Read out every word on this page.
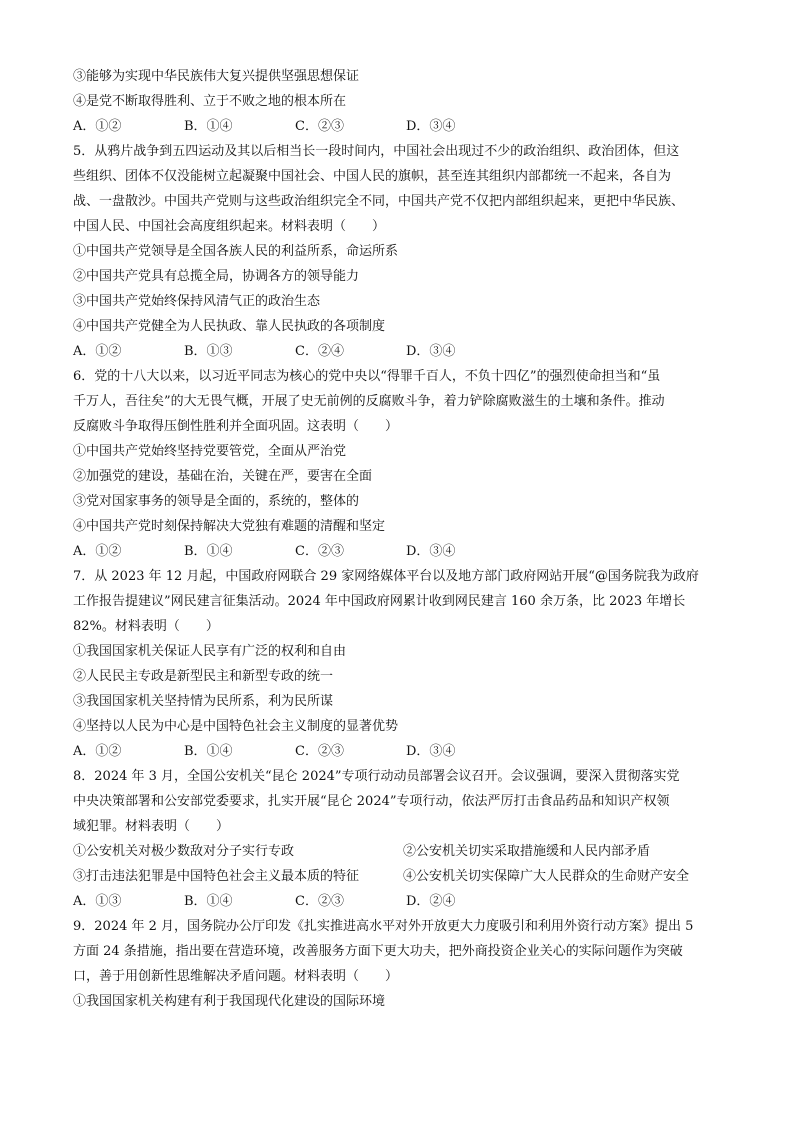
③能够为实现中华民族伟大复兴提供坚强思想保证
④是党不断取得胜利、立于不败之地的根本所在
A．①②	B．①④	C．②③	D．③④
5．从鸦片战争到五四运动及其以后相当长一段时间内，中国社会出现过不少的政治组织、政治团体，但这
些组织、团体不仅没能树立起凝聚中国社会、中国人民的旗帜，甚至连其组织内部都统一不起来，各自为
战、一盘散沙。中国共产党则与这些政治组织完全不同，中国共产党不仅把内部组织起来，更把中华民族、
中国人民、中国社会高度组织起来。材料表明（　　）
①中国共产党领导是全国各族人民的利益所系，命运所系
②中国共产党具有总揽全局，协调各方的领导能力
③中国共产党始终保持风清气正的政治生态
④中国共产党健全为人民执政、靠人民执政的各项制度
A．①②	B．①③	C．②④	D．③④
6．党的十八大以来，以习近平同志为核心的党中央以“得罪千百人，不负十四亿”的强烈使命担当和“虽
千万人，吾往矣”的大无畏气概，开展了史无前例的反腐败斗争，着力铲除腐败滋生的土壤和条件。推动
反腐败斗争取得压倒性胜利并全面巩固。这表明（　　）
①中国共产党始终坚持党要管党，全面从严治党
②加强党的建设，基础在治，关键在严，要害在全面
③党对国家事务的领导是全面的，系统的，整体的
④中国共产党时刻保持解决大党独有难题的清醒和坚定
A．①②	B．①④	C．②③	D．③④
7．从 2023 年 12 月起，中国政府网联合 29 家网络媒体平台以及地方部门政府网站开展“@国务院我为政府
工作报告提建议”网民建言征集活动。2024 年中国政府网累计收到网民建言 160 余万条，比 2023 年增长
82%。材料表明（　　）
①我国国家机关保证人民享有广泛的权利和自由
②人民民主专政是新型民主和新型专政的统一
③我国国家机关坚持情为民所系，利为民所谋
④坚持以人民为中心是中国特色社会主义制度的显著优势
A．①②	B．①④	C．②③	D．③④
8．2024 年 3 月，全国公安机关“昆仑 2024”专项行动动员部署会议召开。会议强调，要深入贯彻落实党
中央决策部署和公安部党委要求，扎实开展“昆仑 2024”专项行动，依法严厉打击食品药品和知识产权领
域犯罪。材料表明（　　）
①公安机关对极少数敌对分子实行专政	②公安机关切实采取措施缓和人民内部矛盾
③打击违法犯罪是中国特色社会主义最本质的特征	④公安机关切实保障广大人民群众的生命财产安全
A．①③	B．①④	C．②③	D．②④
9．2024 年 2 月，国务院办公厅印发《扎实推进高水平对外开放更大力度吸引和利用外资行动方案》提出 5
方面 24 条措施，指出要在营造环境，改善服务方面下更大功夫，把外商投资企业关心的实际问题作为突破
口，善于用创新性思维解决矛盾问题。材料表明（　　）
①我国国家机关构建有利于我国现代化建设的国际环境
